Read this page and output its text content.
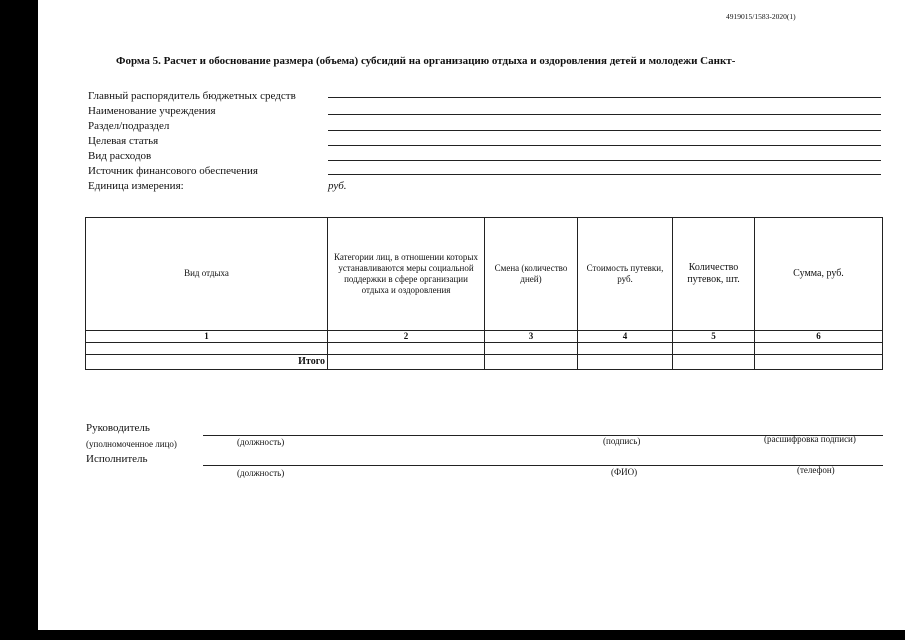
4919015/1583-2020(1)
Форма 5. Расчет и обоснование размера (объема) субсидий на организацию отдыха и оздоровления детей и молодежи Санкт-
Главный распорядитель бюджетных средств
Наименование учреждения
Раздел/подраздел
Целевая статья
Вид расходов
Источник финансового обеспечения
Единица измерения:	руб.
Вид отдыха	Категории лиц, в отношении которых устанавливаются меры социальной поддержки в сфере организации отдыха и оздоровления	Смена (количество дней)	Стоимость путевки, руб.	Количество путевок, шт.	Сумма, руб.
1	2	3	4	5	6

Итого					
Руководитель
(уполномоченное лицо)	(должность)	(подпись)	(расшифровка подписи)
Исполнитель
(должность)	(ФИО)	(телефон)
